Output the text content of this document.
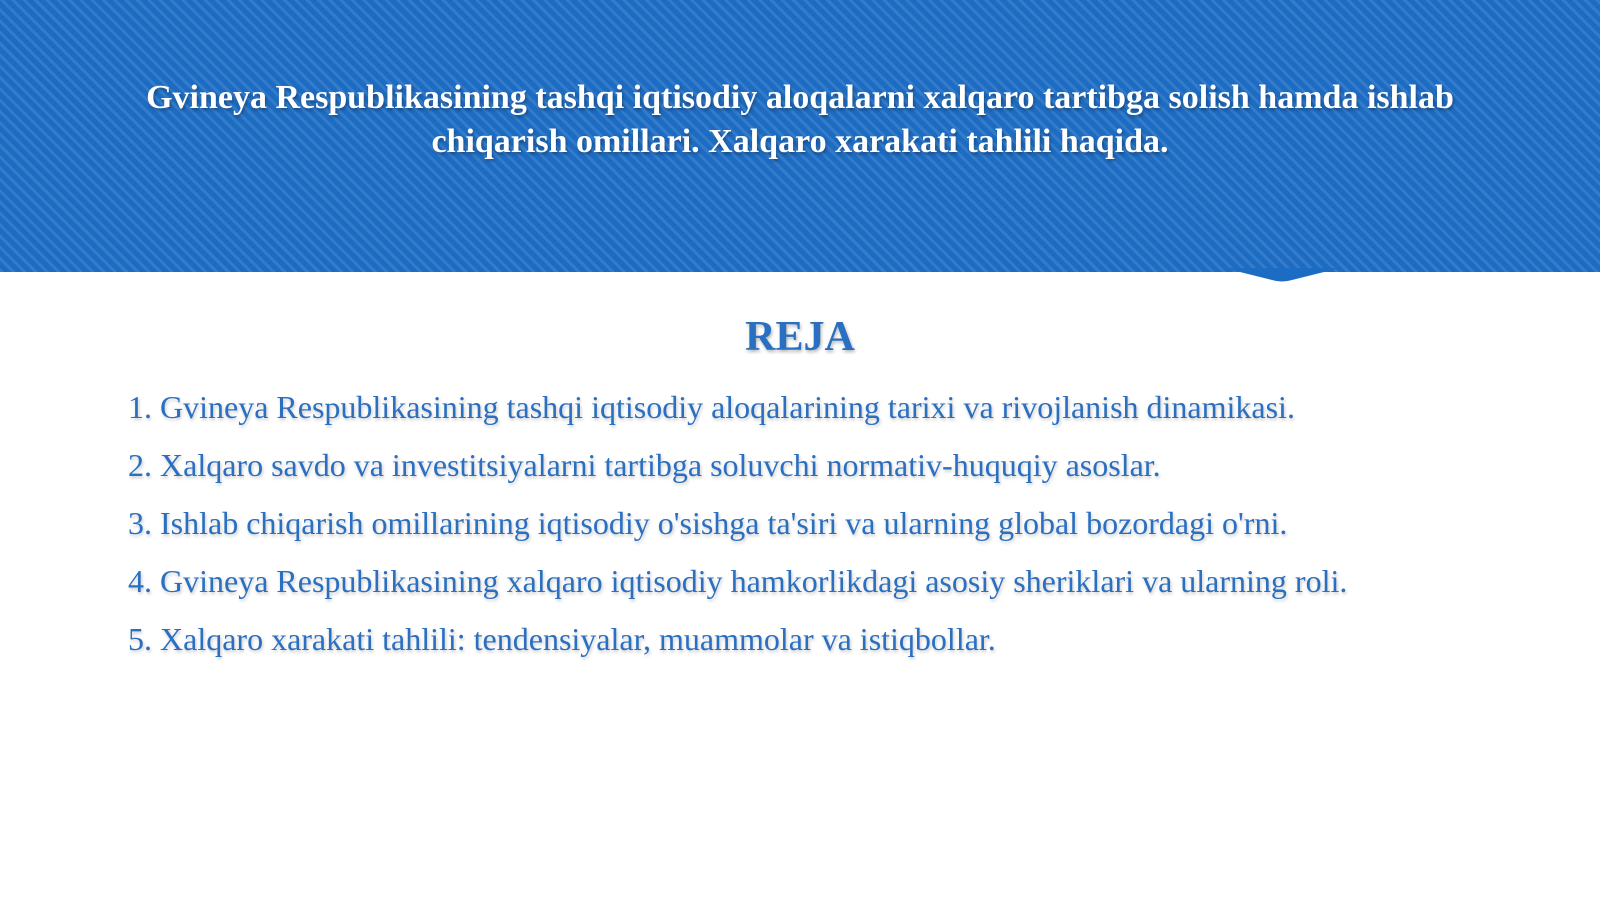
Gvineya Respublikasining tashqi iqtisodiy aloqalarni xalqaro tartibga solish hamda ishlab chiqarish omillari. Xalqaro xarakati tahlili haqida.
REJA
1. Gvineya Respublikasining tashqi iqtisodiy aloqalarining tarixi va rivojlanish dinamikasi.
2. Xalqaro savdo va investitsiyalarni tartibga soluvchi normativ-huquqiy asoslar.
3. Ishlab chiqarish omillarining iqtisodiy o'sishga ta'siri va ularning global bozordagi o'rni.
4. Gvineya Respublikasining xalqaro iqtisodiy hamkorlikdagi asosiy sheriklari va ularning roli.
5. Xalqaro xarakati tahlili: tendensiyalar, muammolar va istiqbollar.
